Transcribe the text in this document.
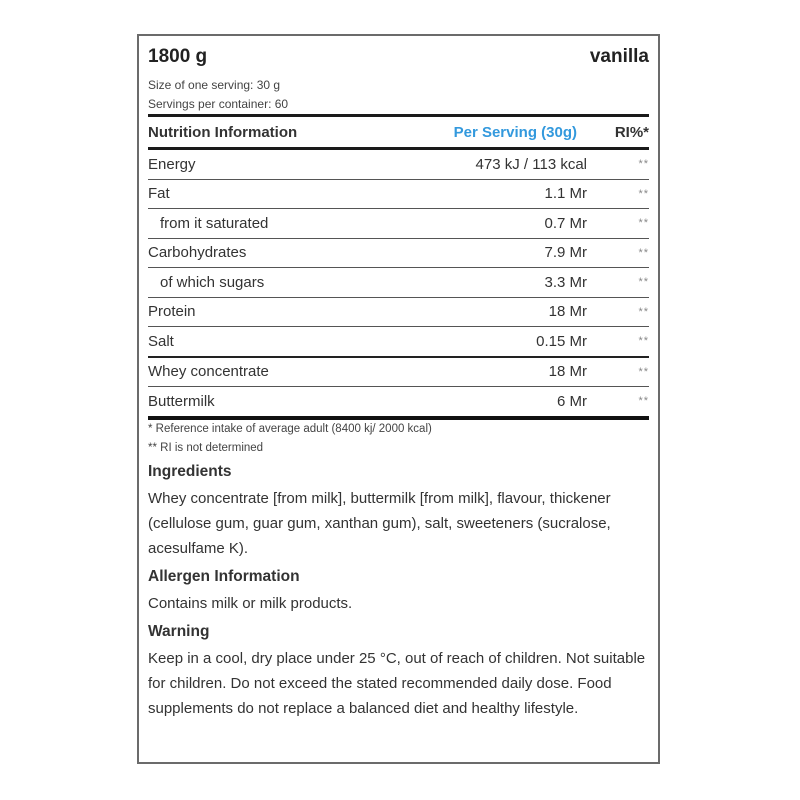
1800 g	vanilla
Size of one serving: 30 g
Servings per container: 60
Nutrition Information	Per Serving (30g)	RI%*
Energy	473 kJ / 113 kcal	**
Fat	1.1 Mr	**
from it saturated	0.7 Mr	**
Carbohydrates	7.9 Mr	**
of which sugars	3.3 Mr	**
Protein	18 Mr	**
Salt	0.15 Mr	**
Whey concentrate	18 Mr	**
Buttermilk	6 Mr	**
* Reference intake of average adult (8400 kj/ 2000 kcal)
** RI is not determined
Ingredients
Whey concentrate [from milk], buttermilk [from milk], flavour, thickener (cellulose gum, guar gum, xanthan gum), salt, sweeteners (sucralose, acesulfame K).
Allergen Information
Contains milk or milk products.
Warning
Keep in a cool, dry place under 25 °C, out of reach of children. Not suitable for children. Do not exceed the stated recommended daily dose. Food supplements do not replace a balanced diet and healthy lifestyle.
